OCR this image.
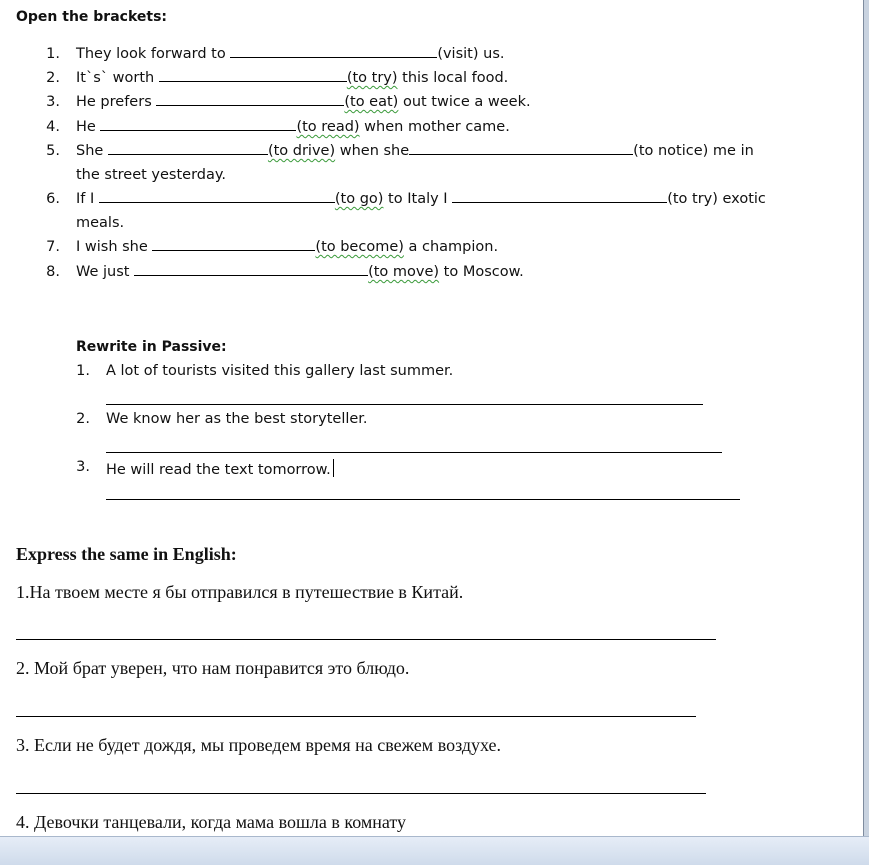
Open the brackets:
1. They look forward to	(visit) us.
2. It`s` worth	(to try) this local food.
3. He prefers	(to eat) out twice a week.
4. He	(to read) when mother came.
5. She	(to drive) when she	(to notice) me in
the street yesterday.
6. If I	(to go) to Italy I	(to try) exotic
meals.
7. I wish she	(to become) a champion.
8. We just	(to move) to Moscow.
Rewrite in Passive:
1. A lot of tourists visited this gallery last summer.
2. We know her as the best storyteller.
3. He will read the text tomorrow.
Express the same in English:
1.На твоем месте я бы отправился в путешествие в Китай.
2. Мой брат уверен, что нам понравится это блюдо.
3. Если не будет дождя, мы проведем время на свежем воздухе.
4. Девочки танцевали, когда мама вошла в комнату
